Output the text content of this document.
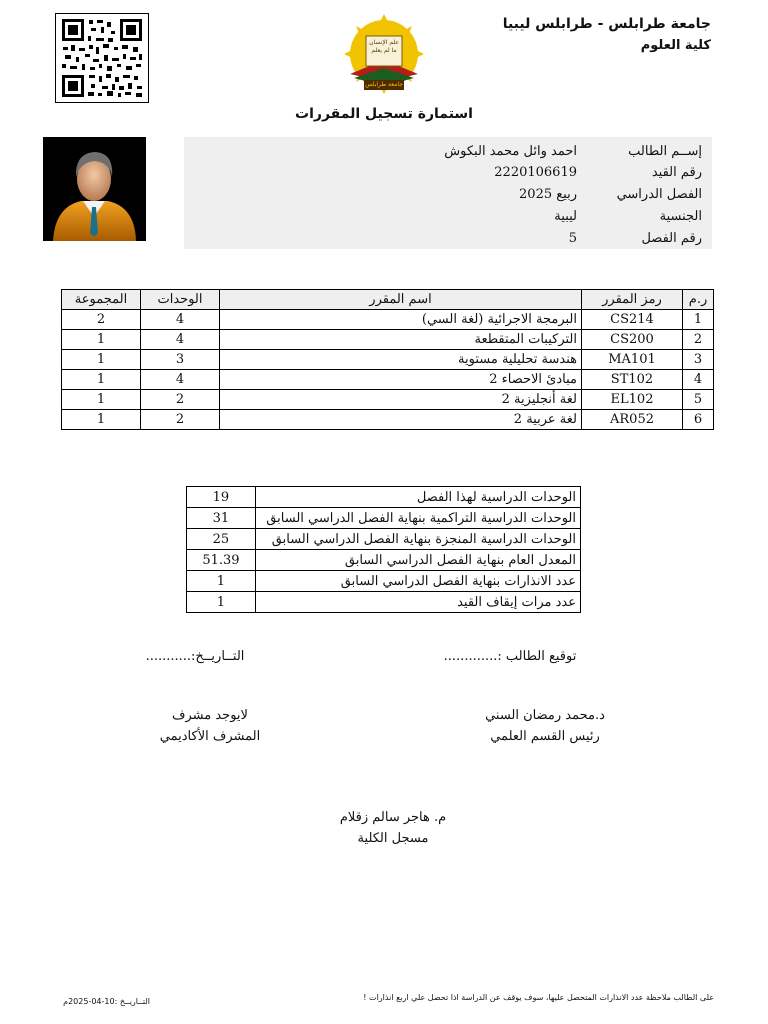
علم الإنسان ما لم يعلم
جامعة طرابلس
جامعة طرابلس - طرابلس ليبيا
كلية العلوم
استمارة تسجيل المقررات
إســم الطالب
احمد وائل محمد البكوش
رقم القيد
2220106619
الفصل الدراسي
ربيع 2025
الجنسية
ليبية
رقم الفصل
5
ر.م	رمز المقرر	اسم المقرر	الوحدات	المجموعة
1	CS214	البرمجة الاجرائية (لغة السي)	4	2
2	CS200	التركيبات المتقطعة	4	1
3	MA101	هندسة تحليلية مستوية	3	1
4	ST102	مبادئ الاحصاء 2	4	1
5	EL102	لغة أنجليزية 2	2	1
6	AR052	لغة عربية 2	2	1
الوحدات الدراسية لهذا الفصل	19
الوحدات الدراسية التراكمية بنهاية الفصل الدراسي السابق	31
الوحدات الدراسية المنجزة بنهاية الفصل الدراسي السابق	25
المعدل العام بنهاية الفصل الدراسي السابق	51.39
عدد الانذارات بنهاية الفصل الدراسي السابق	1
عدد مرات إيقاف القيد	1
توقيع الطالب :.............
التــاريــخ:...........
د.محمد رمضان السني
رئيس القسم العلمي
لايوجد مشرف
المشرف الأكاديمي
م. هاجر سالم زقلام
مسجل الكلية
على الطالب ملاحظة عدد الانذارات المتحصل عليها، سوف يوقف عن الدراسة اذا تحصل علي اربع انذارات !
التــاريــخ :10-04-2025م
